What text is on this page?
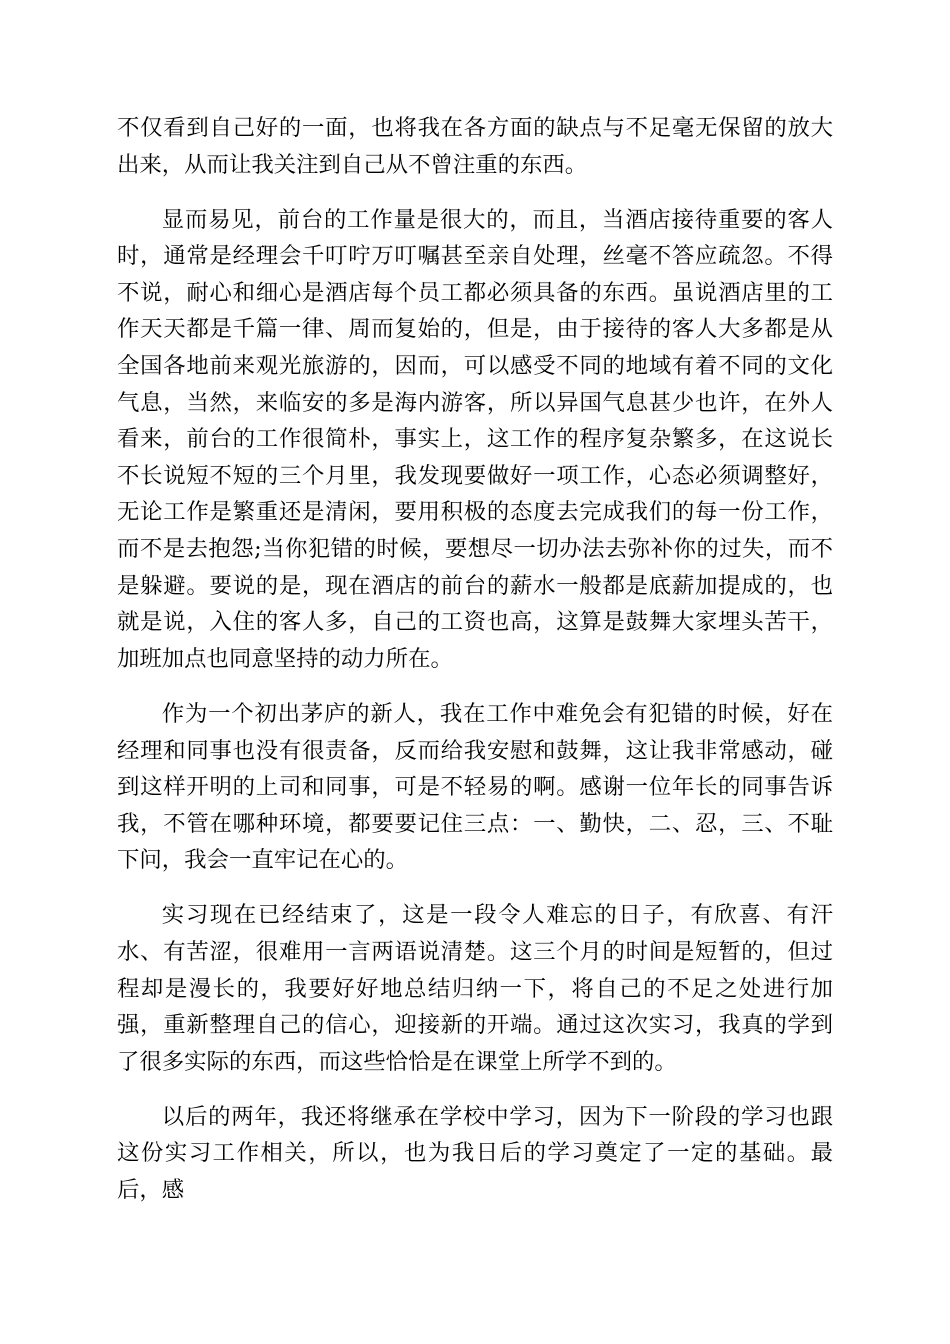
不仅看到自己好的一面，也将我在各方面的缺点与不足毫无保留的放大出来，从而让我关注到自己从不曾注重的东西。

显而易见，前台的工作量是很大的，而且，当酒店接待重要的客人时，通常是经理会千叮咛万叮嘱甚至亲自处理，丝毫不答应疏忽。不得不说，耐心和细心是酒店每个员工都必须具备的东西。虽说酒店里的工作天天都是千篇一律、周而复始的，但是，由于接待的客人大多都是从全国各地前来观光旅游的，因而，可以感受不同的地域有着不同的文化气息，当然，来临安的多是海内游客，所以异国气息甚少也许，在外人看来，前台的工作很简朴，事实上，这工作的程序复杂繁多，在这说长不长说短不短的三个月里，我发现要做好一项工作，心态必须调整好，无论工作是繁重还是清闲，要用积极的态度去完成我们的每一份工作，而不是去抱怨;当你犯错的时候，要想尽一切办法去弥补你的过失，而不是躲避。要说的是，现在酒店的前台的薪水一般都是底薪加提成的，也就是说，入住的客人多，自己的工资也高，这算是鼓舞大家埋头苦干，加班加点也同意坚持的动力所在。

作为一个初出茅庐的新人，我在工作中难免会有犯错的时候，好在经理和同事也没有很责备，反而给我安慰和鼓舞，这让我非常感动，碰到这样开明的上司和同事，可是不轻易的啊。感谢一位年长的同事告诉我，不管在哪种环境，都要要记住三点：一、勤快，二、忍，三、不耻下问，我会一直牢记在心的。

实习现在已经结束了，这是一段令人难忘的日子，有欣喜、有汗水、有苦涩，很难用一言两语说清楚。这三个月的时间是短暂的，但过程却是漫长的，我要好好地总结归纳一下，将自己的不足之处进行加强，重新整理自己的信心，迎接新的开端。通过这次实习，我真的学到了很多实际的东西，而这些恰恰是在课堂上所学不到的。

以后的两年，我还将继承在学校中学习，因为下一阶段的学习也跟这份实习工作相关，所以，也为我日后的学习奠定了一定的基础。最后，感
